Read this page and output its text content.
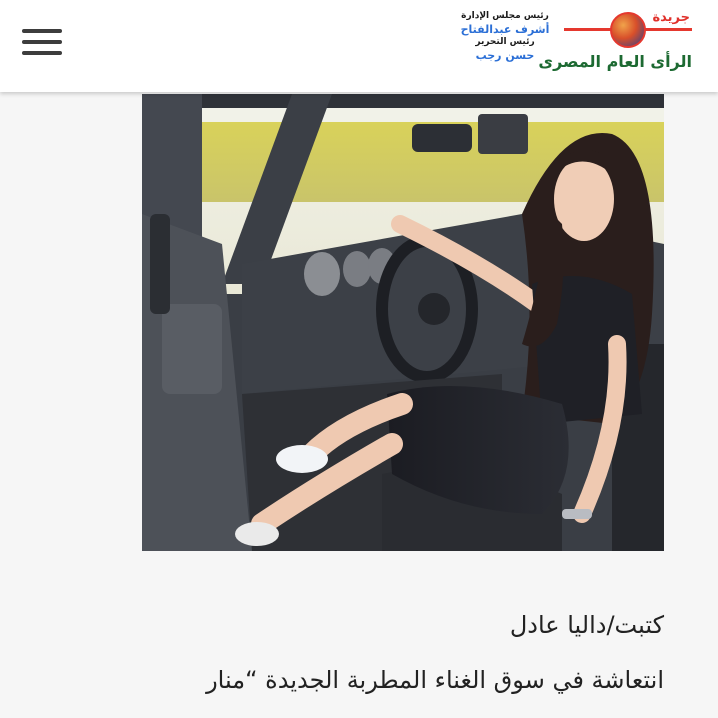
رئيس مجلس الإدارة
أشرف عبدالفتاح
رئيس التحرير
حسن رجب
جريدة
الرأى العام المصرى
كتبت/داليا عادل
انتعاشة في سوق الغناء المطربة الجديدة “منار
